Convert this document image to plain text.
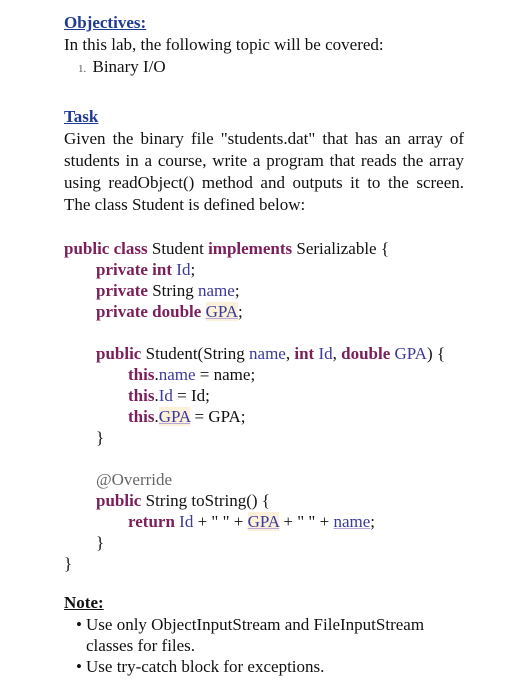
Objectives:
In this lab, the following topic will be covered:
1. Binary I/O
Task
Given the binary file "students.dat" that has an array of students in a course, write a program that reads the array using readObject() method and outputs it to the screen. The class Student is defined below:
public class Student implements Serializable {
private int Id;
private String name;
private double GPA;
public Student(String name, int Id, double GPA) {
this.name = name;
this.Id = Id;
this.GPA = GPA;
}
@Override
public String toString() {
return Id + " " + GPA + " " + name;
}
}
Note:
• Use only ObjectInputStream and FileInputStream classes for files.
• Use try-catch block for exceptions.
